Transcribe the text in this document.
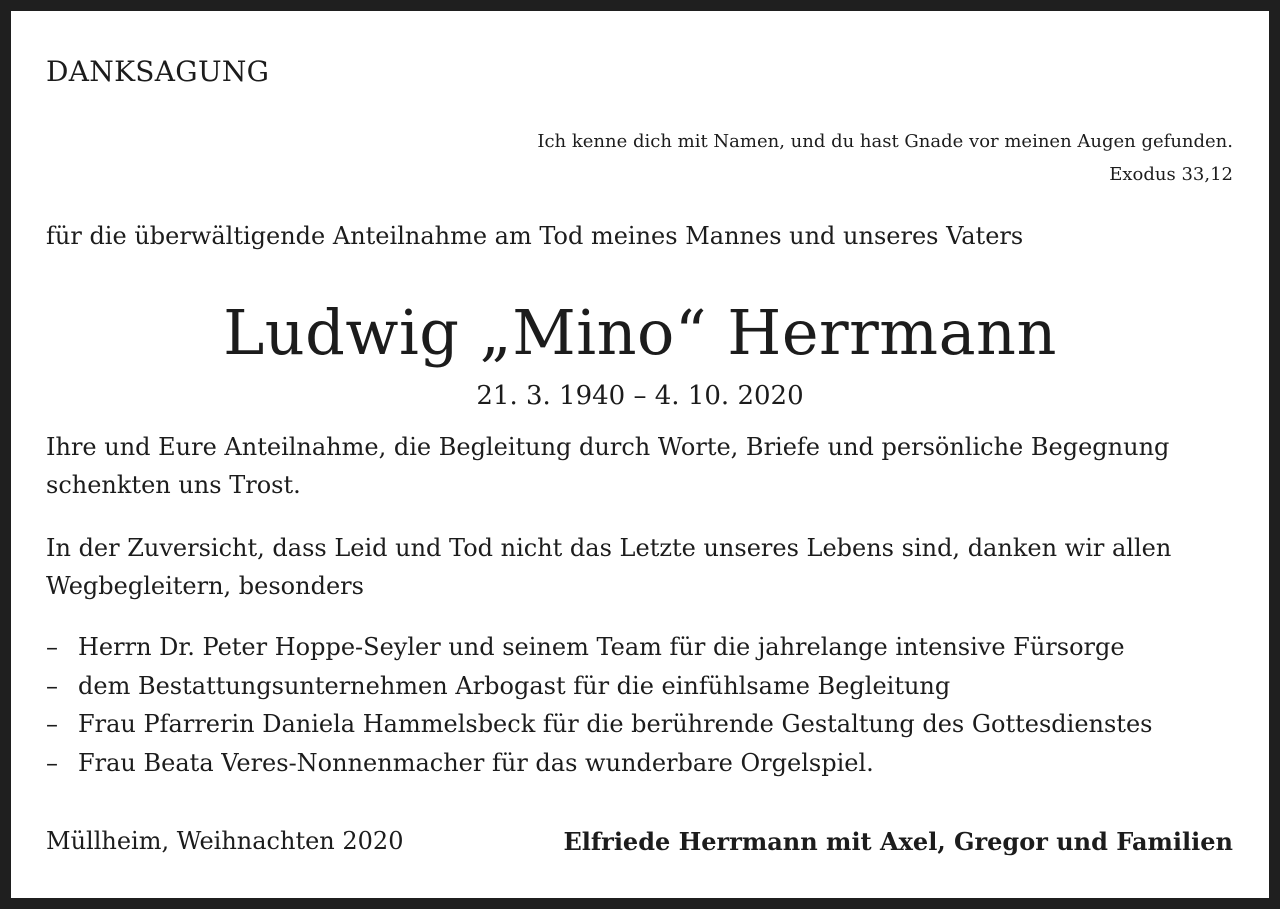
DANKSAGUNG

Ich kenne dich mit Namen, und du hast Gnade vor meinen Augen gefunden.

Exodus 33,12

für die überwältigende Anteilnahme am Tod meines Mannes und unseres Vaters

Ludwig „Mino“ Herrmann

21. 3. 1940 – 4. 10. 2020

Ihre und Eure Anteilnahme, die Begleitung durch Worte, Briefe und persönliche Begegnung schenkten uns Trost.

In der Zuversicht, dass Leid und Tod nicht das Letzte unseres Lebens sind, danken wir allen Wegbegleitern, besonders

– Herrn Dr. Peter Hoppe-Seyler und seinem Team für die jahrelange intensive Fürsorge
– dem Bestattungsunternehmen Arbogast für die einfühlsame Begleitung
– Frau Pfarrerin Daniela Hammelsbeck für die berührende Gestaltung des Gottesdienstes
– Frau Beata Veres-Nonnenmacher für das wunderbare Orgelspiel.

Müllheim, Weihnachten 2020	Elfriede Herrmann mit Axel, Gregor und Familien
